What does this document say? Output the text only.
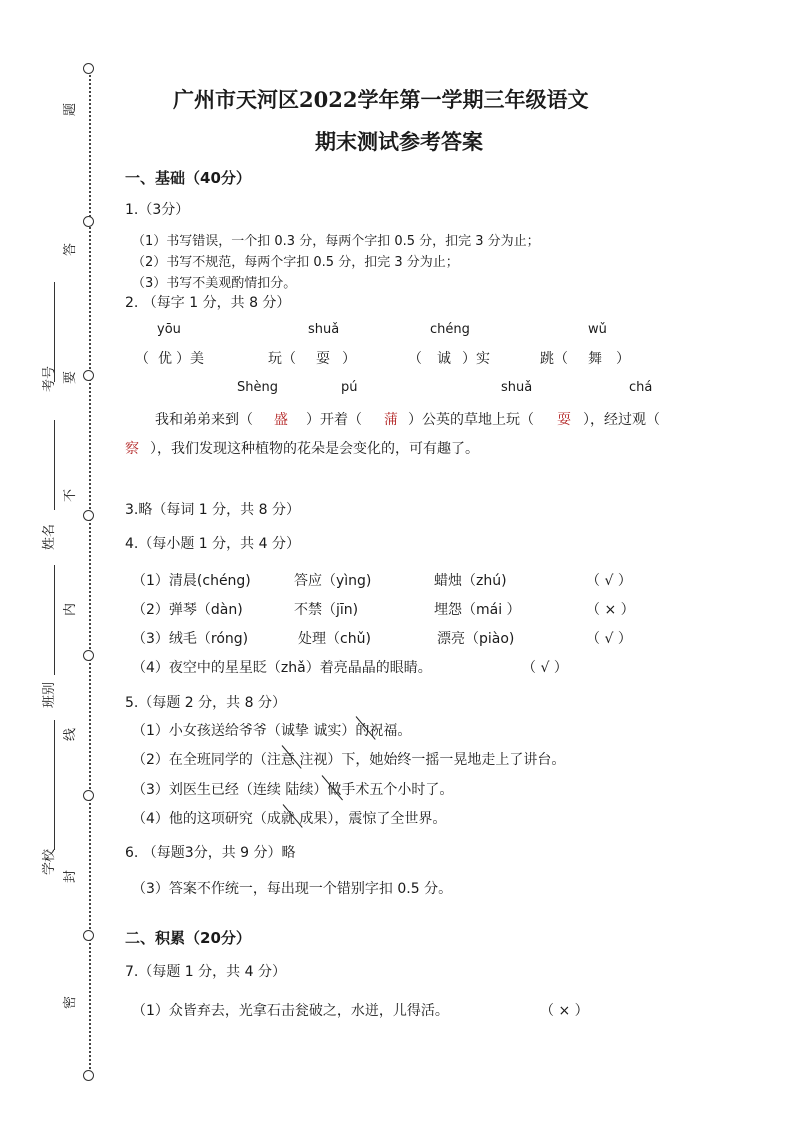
题
答
要
不
内
线
封
密
考号
姓名
班别
学校
广州市天河区2022学年第一学期三年级语文
期末测试参考答案
一、基础（40分）
1.（3分）
（1）书写错误，一个扣 0.3 分，每两个字扣 0.5 分，扣完 3 分为止；
（2）书写不规范，每两个字扣 0.5 分，扣完 3 分为止；
（3）书写不美观酌情扣分。
2. （每字 1 分，共 8 分）
yōu	shuǎ	chéng	wǔ
（ 优 ）美	玩（ 耍 ）	（ 诚 ）实	跳（ 舞 ）
Shèng	pú	shuǎ	chá
我和弟弟来到（ 盛 ）开着（ 蒲 ）公英的草地上玩（ 耍 ），经过观（
察 ），我们发现这种植物的花朵是会变化的，可有趣了。
3.略（每词 1 分，共 8 分）
4.（每小题 1 分，共 4 分）
（1）清晨(chéng)	答应（yìng)	蜡烛（zhú)	（ √ ）
（2）弹琴（dàn)	不禁（jīn)	埋怨（mái ）	（ × ）
（3）绒毛（róng)	处理（chǔ)	漂亮（piào)	（ √ ）
（4）夜空中的星星眨（zhǎ）着亮晶晶的眼睛。	（ √ ）
5.（每题 2 分，共 8 分）
（1）小女孩送给爷爷（诚挚 诚实）的祝福。
（2）在全班同学的（注意 注视）下，她始终一摇一晃地走上了讲台。
（3）刘医生已经（连续 陆续）做手术五个小时了。
（4）他的这项研究（成就 成果），震惊了全世界。
6. （每题3分，共 9 分）略
（3）答案不作统一，每出现一个错别字扣 0.5 分。
二、积累（20分）
7.（每题 1 分，共 4 分）
（1）众皆弃去，光拿石击瓮破之，水迸，儿得活。	（ × ）
